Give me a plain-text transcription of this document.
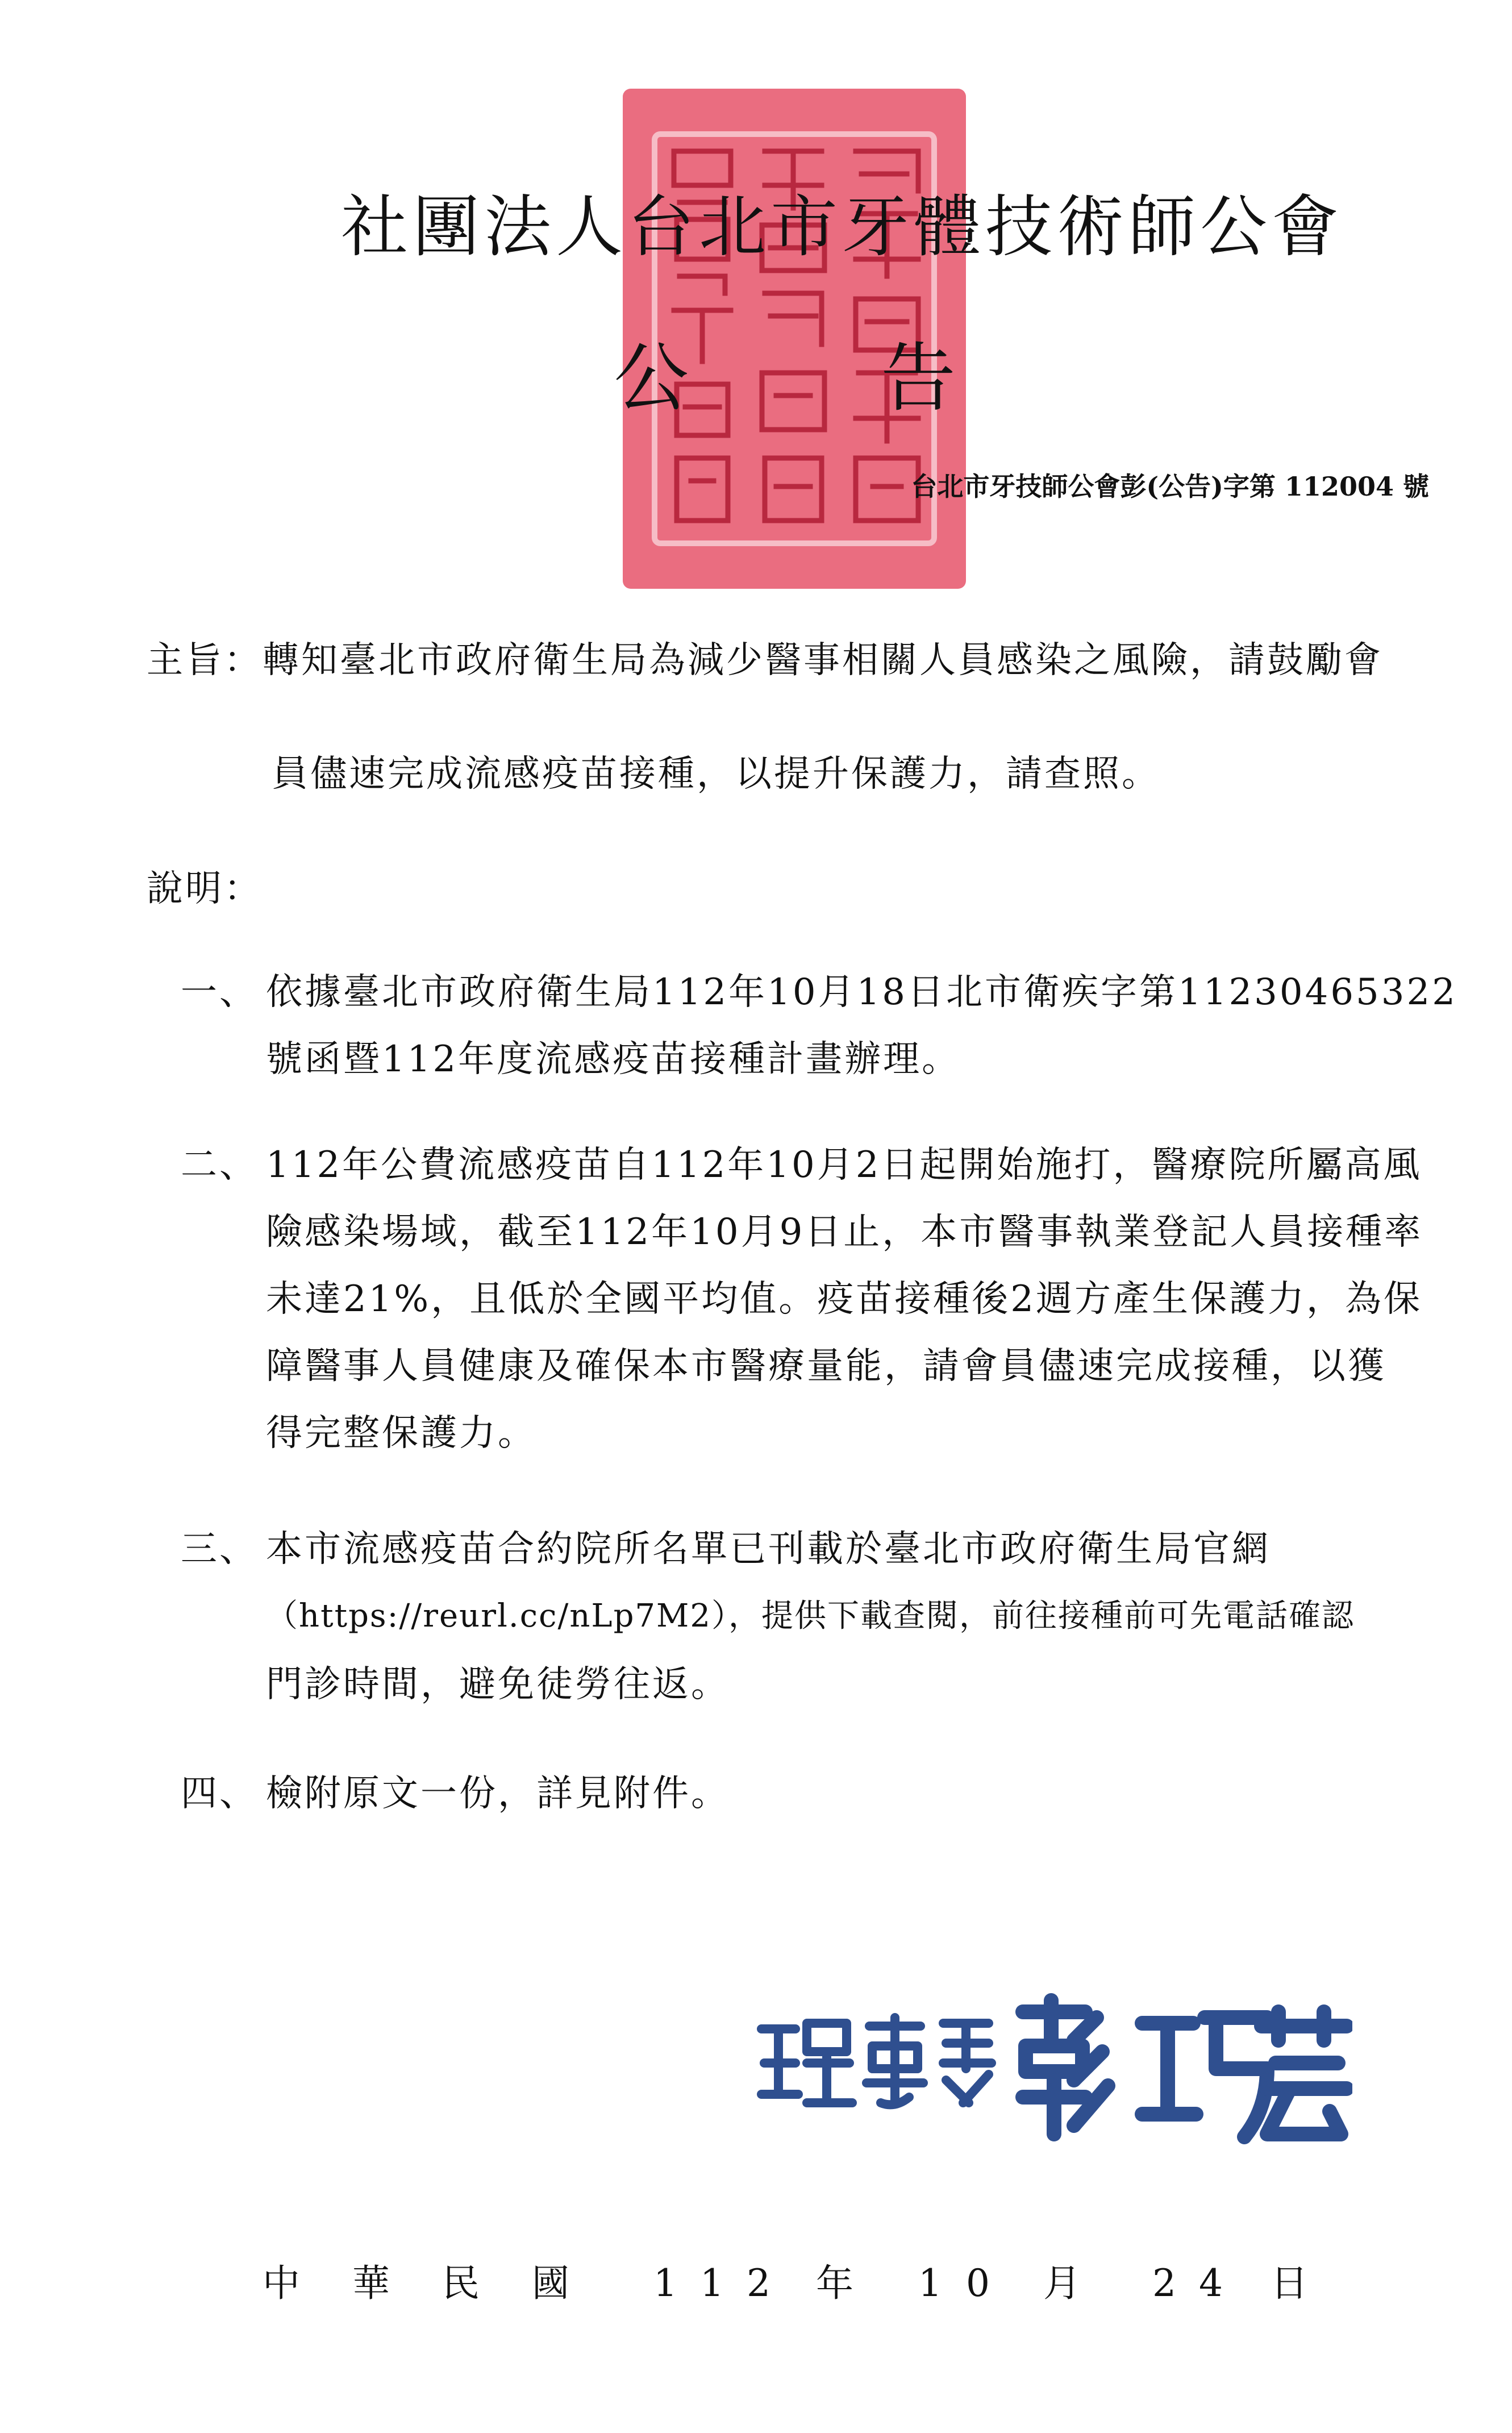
社團法人台北市牙體技術師公會
公	告
台北市牙技師公會彭(公告)字第 112004 號
主旨：轉知臺北市政府衛生局為減少醫事相關人員感染之風險，請鼓勵會
員儘速完成流感疫苗接種，以提升保護力，請查照。
說明：
一、 依據臺北市政府衛生局112年10月18日北市衛疾字第11230465322
號函暨112年度流感疫苗接種計畫辦理。
二、 112年公費流感疫苗自112年10月2日起開始施打，醫療院所屬高風
險感染場域，截至112年10月9日止，本市醫事執業登記人員接種率
未達21%，且低於全國平均值。疫苗接種後2週方產生保護力，為保
障醫事人員健康及確保本市醫療量能，請會員儘速完成接種，以獲
得完整保護力。
三、 本市流感疫苗合約院所名單已刊載於臺北市政府衛生局官網
（https://reurl.cc/nLp7M2），提供下載查閱，前往接種前可先電話確認
門診時間，避免徒勞往返。
四、 檢附原文一份，詳見附件。
中 華 民 國 1 1 2 年 1 0 月 2 4 日
